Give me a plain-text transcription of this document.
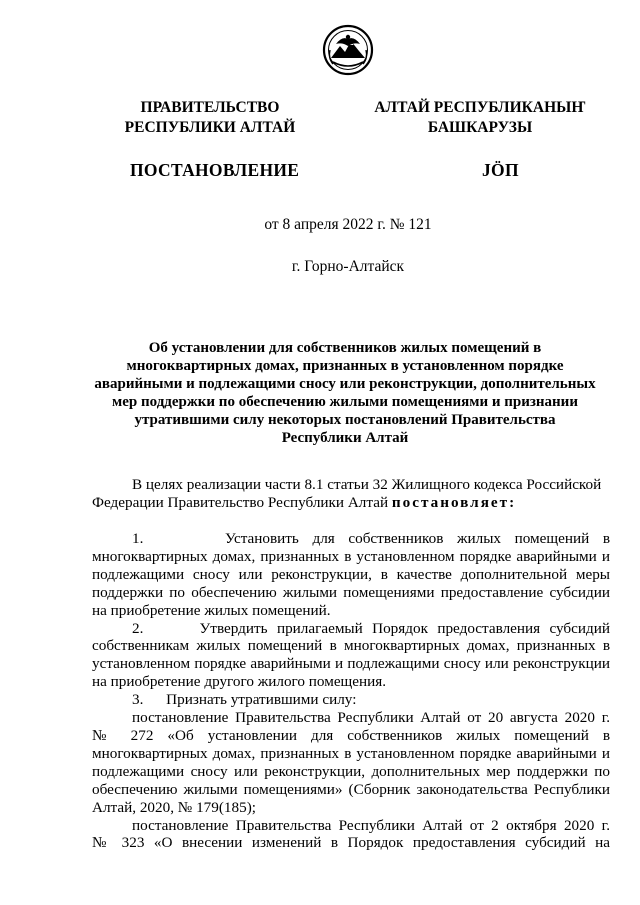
ПРАВИТЕЛЬСТВО
РЕСПУБЛИКИ АЛТАЙ
АЛТАЙ РЕСПУБЛИКАНЫҤ
БАШКАРУЗЫ
ПОСТАНОВЛЕНИЕ	JÖП
от 8 апреля 2022 г. № 121
г. Горно-Алтайск
Об установлении для собственников жилых помещений в
многоквартирных домах, признанных в установленном порядке
аварийными и подлежащими сносу или реконструкции, дополнительных
мер поддержки по обеспечению жилыми помещениями и признании
утратившими силу некоторых постановлений Правительства
Республики Алтай
В целях реализации части 8.1 статьи 32 Жилищного кодекса Российской
Федерации Правительство Республики Алтай постановляет:
1.      Установить для собственников жилых помещений в
многоквартирных домах, признанных в установленном порядке аварийными и
подлежащими сносу или реконструкции, в качестве дополнительной меры
поддержки по обеспечению жилыми помещениями предоставление субсидии
на приобретение жилых помещений.
2.      Утвердить прилагаемый Порядок предоставления субсидий
собственникам жилых помещений в многоквартирных домах, признанных в
установленном порядке аварийными и подлежащими сносу или реконструкции
на приобретение другого жилого помещения.
3.      Признать утратившими силу:
постановление Правительства Республики Алтай от 20 августа 2020 г.
№ 272 «Об установлении для собственников жилых помещений в
многоквартирных домах, признанных в установленном порядке аварийными и
подлежащими сносу или реконструкции, дополнительных мер поддержки по
обеспечению жилыми помещениями» (Сборник законодательства Республики
Алтай, 2020, № 179(185);
постановление Правительства Республики Алтай от 2 октября 2020 г.
№ 323 «О внесении изменений в Порядок предоставления субсидий на
